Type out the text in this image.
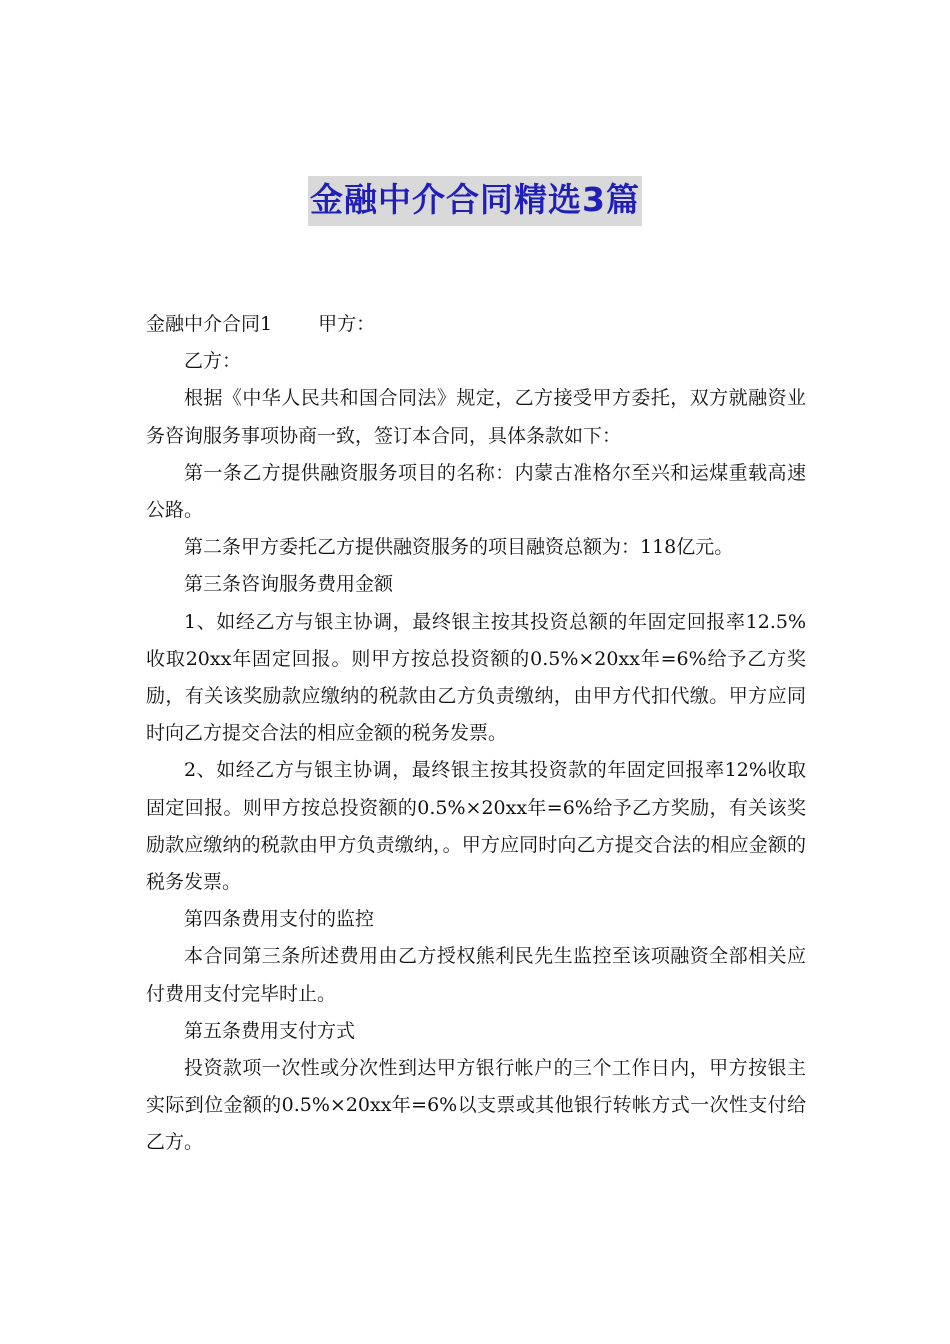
金融中介合同精选3篇

金融中介合同1 甲方：

乙方：

根据《中华人民共和国合同法》规定，乙方接受甲方委托，双方就融资业务咨询服务事项协商一致，签订本合同，具体条款如下：

第一条乙方提供融资服务项目的名称：内蒙古准格尔至兴和运煤重载高速公路。

第二条甲方委托乙方提供融资服务的项目融资总额为：118亿元。

第三条咨询服务费用金额

1、如经乙方与银主协调，最终银主按其投资总额的年固定回报率12.5%收取20xx年固定回报。则甲方按总投资额的0.5%×20xx年=6%给予乙方奖励，有关该奖励款应缴纳的税款由乙方负责缴纳，由甲方代扣代缴。甲方应同时向乙方提交合法的相应金额的税务发票。

2、如经乙方与银主协调，最终银主按其投资款的年固定回报率12%收取固定回报。则甲方按总投资额的0.5%×20xx年=6%给予乙方奖励，有关该奖励款应缴纳的税款由甲方负责缴纳，。甲方应同时向乙方提交合法的相应金额的税务发票。

第四条费用支付的监控

本合同第三条所述费用由乙方授权熊利民先生监控至该项融资全部相关应付费用支付完毕时止。

第五条费用支付方式

投资款项一次性或分次性到达甲方银行帐户的三个工作日内，甲方按银主实际到位金额的0.5%×20xx年=6%以支票或其他银行转帐方式一次性支付给乙方。
